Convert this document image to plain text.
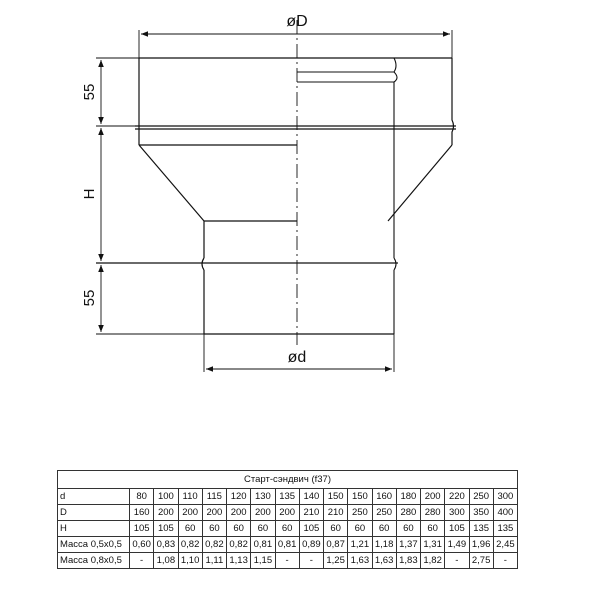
øD
ød
55
H
55
Старт-сэндвич (f37)																
d	80	100	110	115	120	130	135	140	150	150	160	180	200	220	250	300
D	160	200	200	200	200	200	200	210	210	250	250	280	280	300	350	400
H	105	105	60	60	60	60	60	105	60	60	60	60	60	105	135	135
Масса 0,5х0,5	0,60	0,83	0,82	0,82	0,82	0,81	0,81	0,89	0,87	1,21	1,18	1,37	1,31	1,49	1,96	2,45
Масса 0,8х0,5	-	1,08	1,10	1,11	1,13	1,15	-	-	1,25	1,63	1,63	1,83	1,82	-	2,75	-
